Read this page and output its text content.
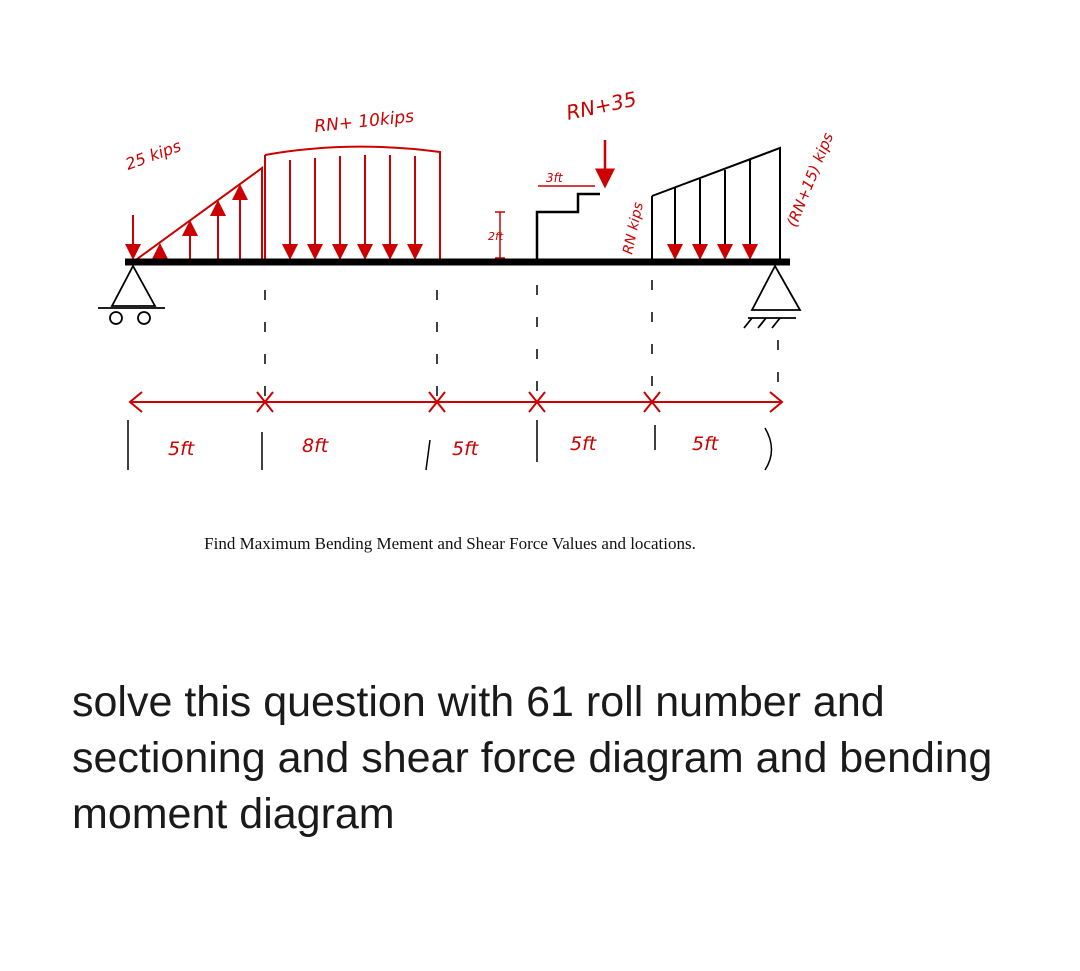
25 kips
RN+ 10kips
2ft
RN+35
3ft
RN kips	(RN+15) kips
5ft	8ft	5ft	5ft	5ft
Find Maximum Bending Mement and Shear Force Values and locations.
solve this question with 61 roll number and sectioning and shear force diagram and bending moment diagram
